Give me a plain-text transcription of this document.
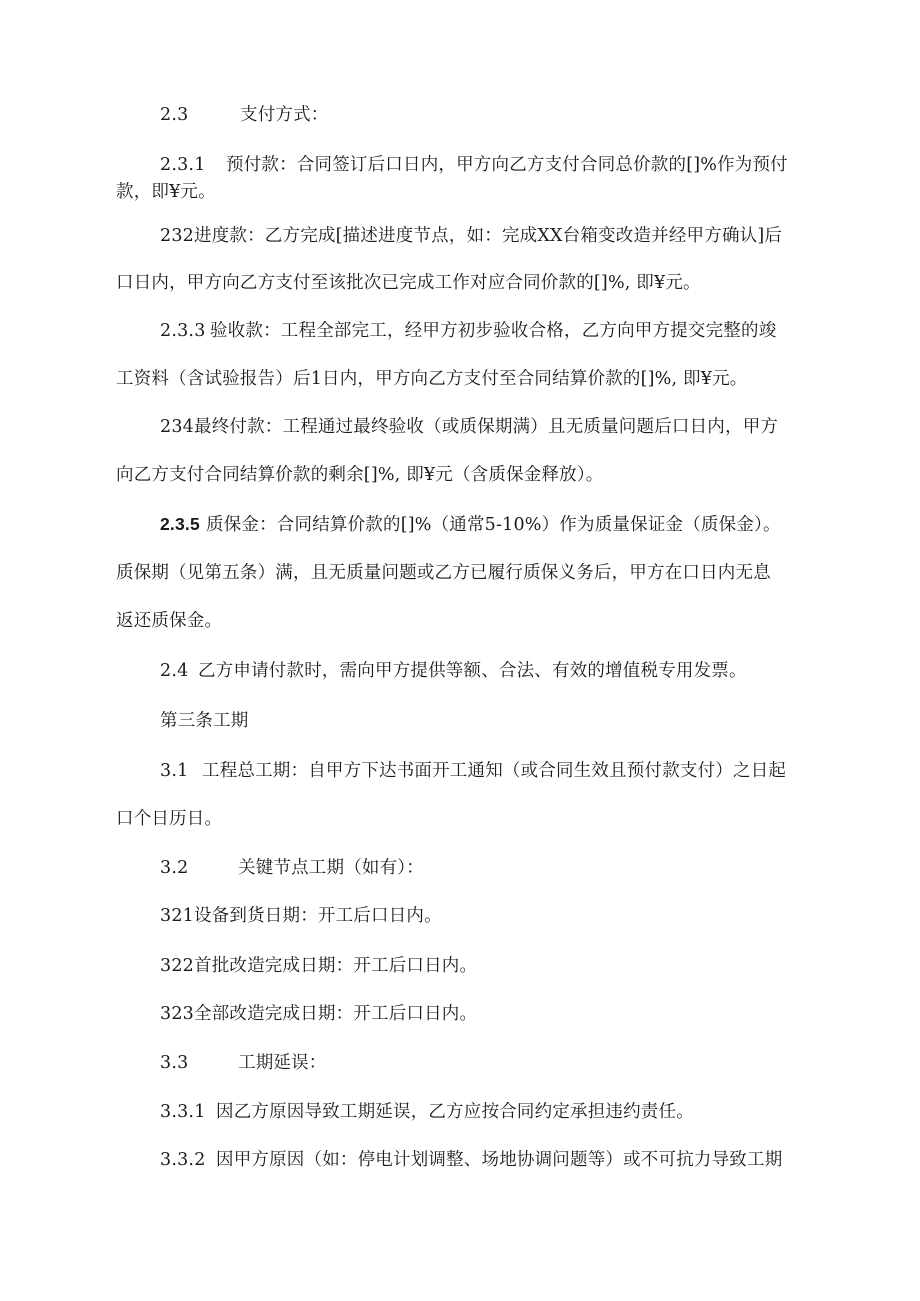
2.3	支付方式：
2.3.1 预付款：合同签订后口日内，甲方向乙方支付合同总价款的[]%作为预付
款，即¥元。
232进度款：乙方完成[描述进度节点，如：完成XX台箱变改造并经甲方确认]后
口日内，甲方向乙方支付至该批次已完成工作对应合同价款的[]%, 即¥元。
2.3.3 验收款：工程全部完工，经甲方初步验收合格，乙方向甲方提交完整的竣
工资料（含试验报告）后1日内，甲方向乙方支付至合同结算价款的[]%, 即¥元。
234最终付款：工程通过最终验收（或质保期满）且无质量问题后口日内，甲方
向乙方支付合同结算价款的剩余[]%, 即¥元（含质保金释放）。
2.3.5 质保金：合同结算价款的[]%（通常5-10%）作为质量保证金（质保金）。
质保期（见第五条）满，且无质量问题或乙方已履行质保义务后，甲方在口日内无息
返还质保金。
2.4 乙方申请付款时，需向甲方提供等额、合法、有效的增值税专用发票。
第三条工期
3.1 工程总工期：自甲方下达书面开工通知（或合同生效且预付款支付）之日起
口个日历日。
3.2	关键节点工期（如有）：
321设备到货日期：开工后口日内。
322首批改造完成日期：开工后口日内。
323全部改造完成日期：开工后口日内。
3.3	工期延误：
3.3.1 因乙方原因导致工期延误，乙方应按合同约定承担违约责任。
3.3.2 因甲方原因（如：停电计划调整、场地协调问题等）或不可抗力导致工期
